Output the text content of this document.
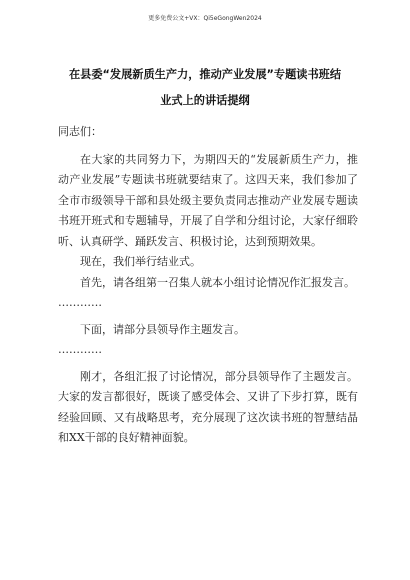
更多免费公文+VX：Qi5eGongWen2024
在县委“发展新质生产力，推动产业发展”专题读书班结
业式上的讲话提纲

同志们：

在大家的共同努力下，为期四天的“发展新质生产力，推动产业发展”专题读书班就要结束了。这四天来，我们参加了全市市级领导干部和县处级主要负责同志推动产业发展专题读书班开班式和专题辅导，开展了自学和分组讨论，大家仔细聆听、认真研学、踊跃发言、积极讨论，达到预期效果。

现在，我们举行结业式。

首先，请各组第一召集人就本小组讨论情况作汇报发言。

…………

下面，请部分县领导作主题发言。

…………

刚才，各组汇报了讨论情况，部分县领导作了主题发言。大家的发言都很好，既谈了感受体会、又讲了下步打算，既有经验回顾、又有战略思考，充分展现了这次读书班的智慧结晶和XX干部的良好精神面貌。
